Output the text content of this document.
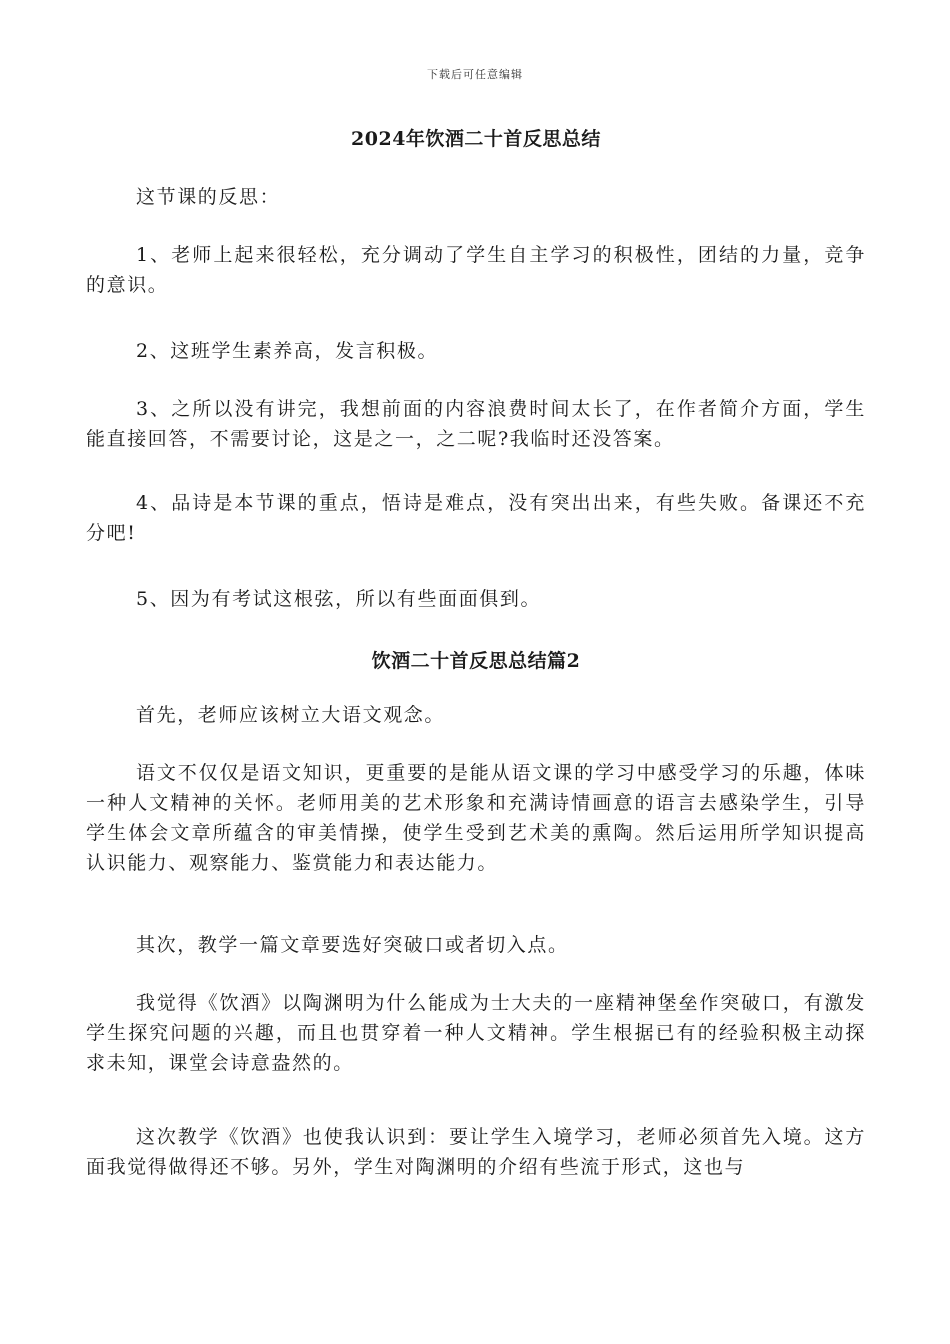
下载后可任意编辑
2024年饮酒二十首反思总结

这节课的反思：

1、老师上起来很轻松，充分调动了学生自主学习的积极性，团结的力量，竞争的意识。

2、这班学生素养高，发言积极。

3、之所以没有讲完，我想前面的内容浪费时间太长了，在作者简介方面，学生能直接回答，不需要讨论，这是之一，之二呢?我临时还没答案。

4、品诗是本节课的重点，悟诗是难点，没有突出出来，有些失败。备课还不充分吧!

5、因为有考试这根弦，所以有些面面俱到。

饮酒二十首反思总结篇2

首先，老师应该树立大语文观念。

语文不仅仅是语文知识，更重要的是能从语文课的学习中感受学习的乐趣，体味一种人文精神的关怀。老师用美的艺术形象和充满诗情画意的语言去感染学生，引导学生体会文章所蕴含的审美情操，使学生受到艺术美的熏陶。然后运用所学知识提高认识能力、观察能力、鉴赏能力和表达能力。

其次，教学一篇文章要选好突破口或者切入点。

我觉得《饮酒》以陶渊明为什么能成为士大夫的一座精神堡垒作突破口，有激发学生探究问题的兴趣，而且也贯穿着一种人文精神。学生根据已有的经验积极主动探求未知，课堂会诗意盎然的。

这次教学《饮酒》也使我认识到：要让学生入境学习，老师必须首先入境。这方面我觉得做得还不够。另外，学生对陶渊明的介绍有些流于形式，这也与
